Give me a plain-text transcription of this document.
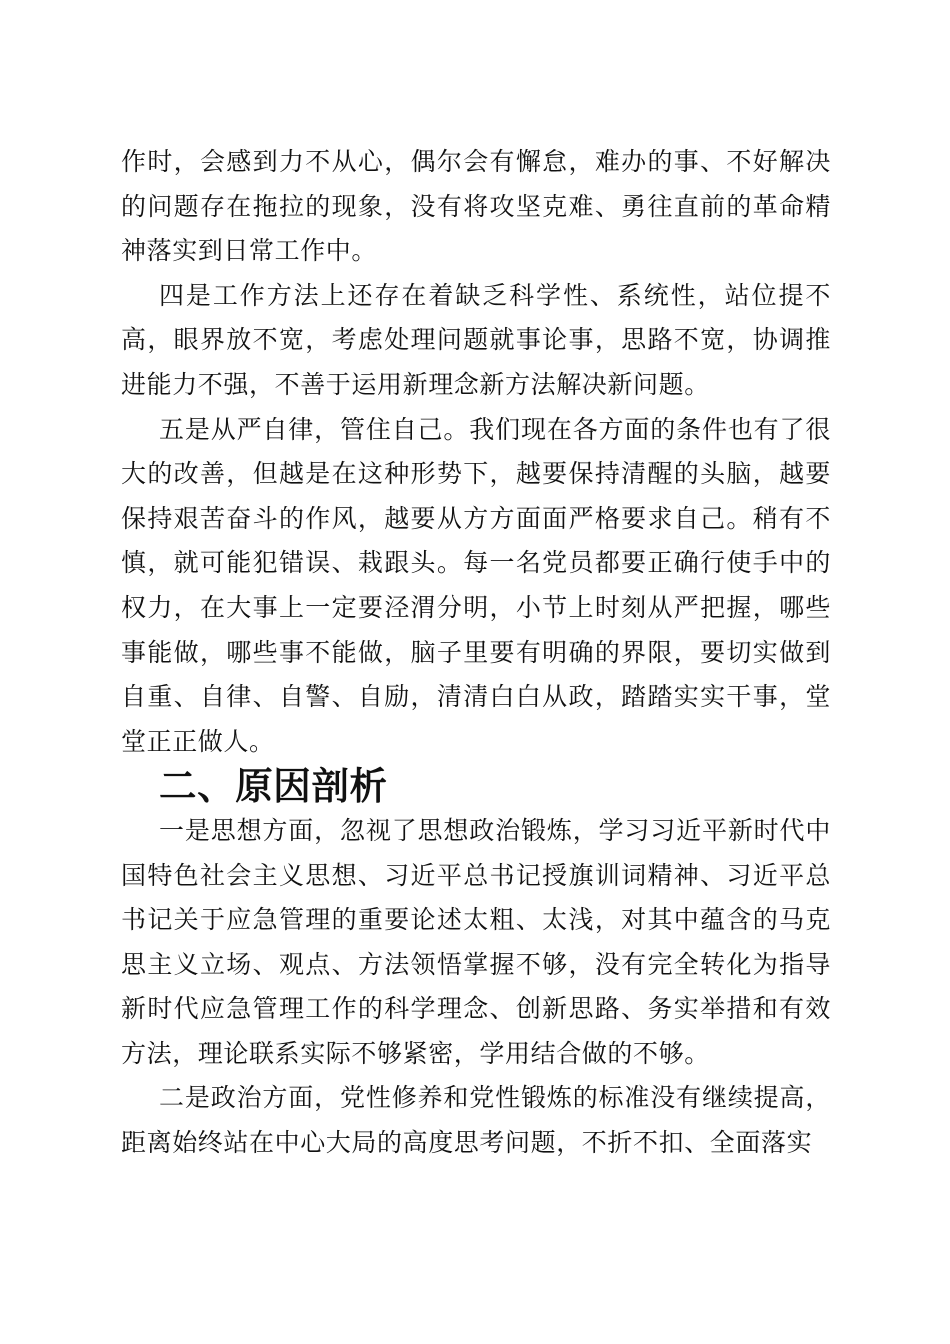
作时，会感到力不从心，偶尔会有懈怠，难办的事、不好解决的问题存在拖拉的现象，没有将攻坚克难、勇往直前的革命精神落实到日常工作中。

四是工作方法上还存在着缺乏科学性、系统性，站位提不高，眼界放不宽，考虑处理问题就事论事，思路不宽，协调推进能力不强，不善于运用新理念新方法解决新问题。

五是从严自律，管住自己。我们现在各方面的条件也有了很大的改善，但越是在这种形势下，越要保持清醒的头脑，越要保持艰苦奋斗的作风，越要从方方面面严格要求自己。稍有不慎，就可能犯错误、栽跟头。每一名党员都要正确行使手中的权力，在大事上一定要泾渭分明，小节上时刻从严把握，哪些事能做，哪些事不能做，脑子里要有明确的界限，要切实做到自重、自律、自警、自励，清清白白从政，踏踏实实干事，堂堂正正做人。

二、原因剖析

一是思想方面，忽视了思想政治锻炼，学习习近平新时代中国特色社会主义思想、习近平总书记授旗训词精神、习近平总书记关于应急管理的重要论述太粗、太浅，对其中蕴含的马克思主义立场、观点、方法领悟掌握不够，没有完全转化为指导新时代应急管理工作的科学理念、创新思路、务实举措和有效方法，理论联系实际不够紧密，学用结合做的不够。

二是政治方面，党性修养和党性锻炼的标准没有继续提高，距离始终站在中心大局的高度思考问题，不折不扣、全面落实
